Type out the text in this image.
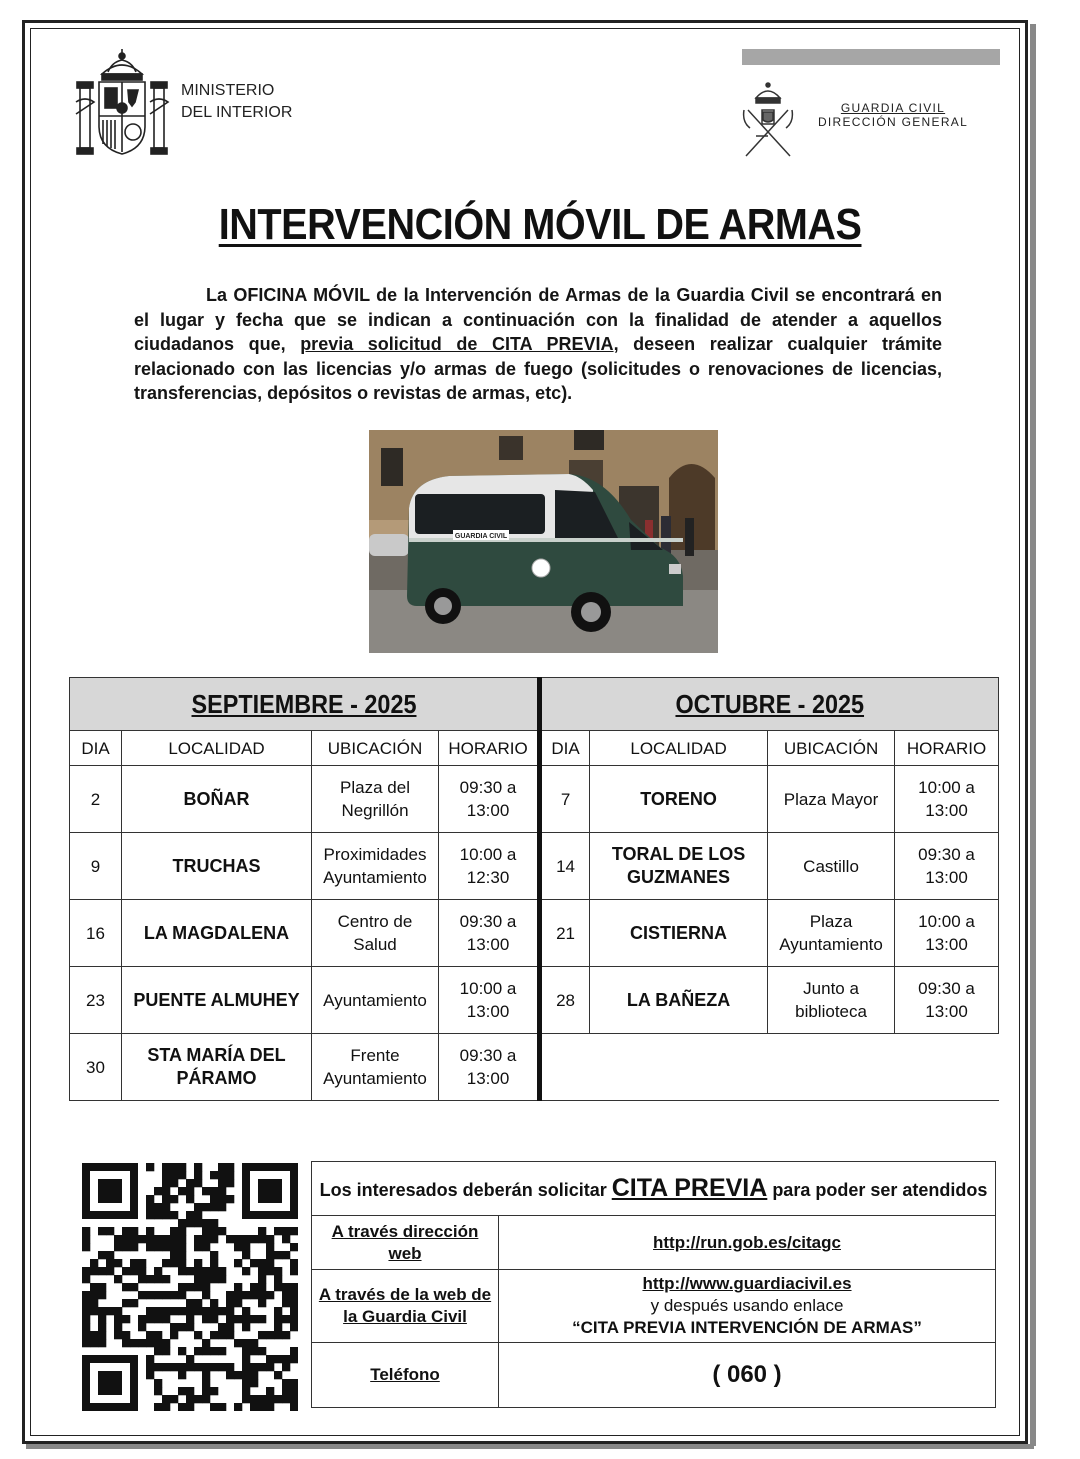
MINISTERIO
DEL INTERIOR	GUARDIA CIVIL
DIRECCIÓN GENERAL
INTERVENCIÓN MÓVIL DE ARMAS
La OFICINA MÓVIL de la Intervención de Armas de la Guardia Civil se encontrará en el lugar y fecha que se indican a continuación con la finalidad de atender a aquellos ciudadanos que, previa solicitud de CITA PREVIA, deseen realizar cualquier trámite relacionado con las licencias y/o armas de fuego (solicitudes o renovaciones de licencias, transferencias, depósitos o revistas de armas, etc).
GUARDIA CIVIL
SEPTIEMBRE - 2025				OCTUBRE - 2025			
DIA	LOCALIDAD	UBICACIÓN	HORARIO	DIA	LOCALIDAD	UBICACIÓN	HORARIO
2	BOÑAR	Plaza del Negrillón	09:30 a 13:00	7	TORENO	Plaza Mayor	10:00 a 13:00
9	TRUCHAS	Proximidades Ayuntamiento	10:00 a 12:30	14	TORAL DE LOS GUZMANES	Castillo	09:30 a 13:00
16	LA MAGDALENA	Centro de Salud	09:30 a 13:00	21	CISTIERNA	Plaza Ayuntamiento	10:00 a 13:00
23	PUENTE ALMUHEY	Ayuntamiento	10:00 a 13:00	28	LA BAÑEZA	Junto a biblioteca	09:30 a 13:00
30	STA MARÍA DEL PÁRAMO	Frente Ayuntamiento	09:30 a 13:00				
Los interesados deberán solicitar CITA PREVIA para poder ser atendidos	
A través dirección web	http://run.gob.es/citagc
A través de la web de la Guardia Civil	http://www.guardiacivil.es
y después usando enlace
“CITA PREVIA INTERVENCIÓN DE ARMAS”

Teléfono	( 060 )
